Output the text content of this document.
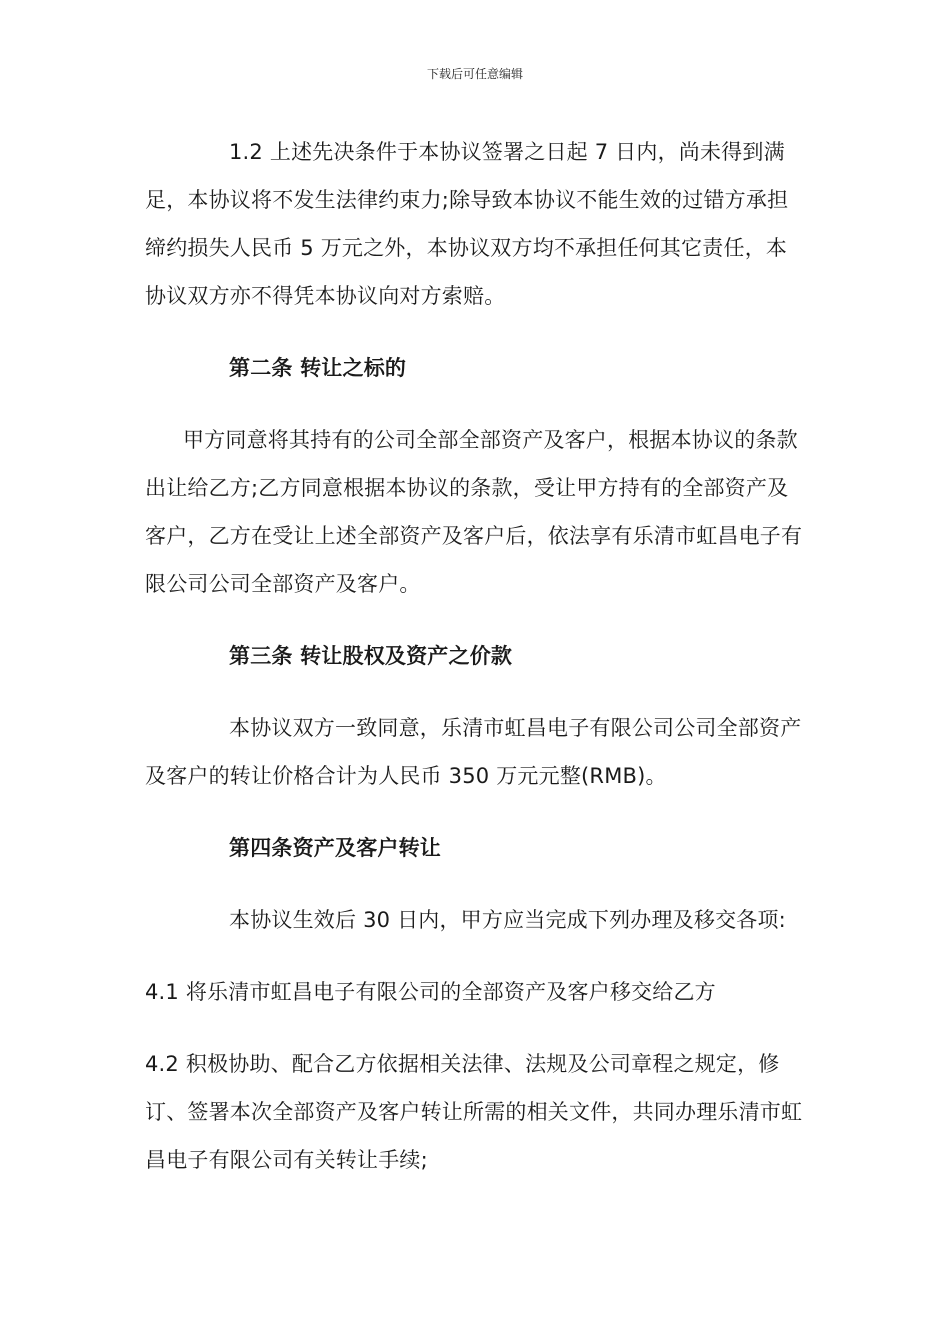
下载后可任意编辑

1.2 上述先决条件于本协议签署之日起 7 日内，尚未得到满足，本协议将不发生法律约束力;除导致本协议不能生效的过错方承担缔约损失人民币 5 万元之外，本协议双方均不承担任何其它责任，本协议双方亦不得凭本协议向对方索赔。

第二条 转让之标的

甲方同意将其持有的公司全部全部资产及客户，根据本协议的条款出让给乙方;乙方同意根据本协议的条款，受让甲方持有的全部资产及客户，乙方在受让上述全部资产及客户后，依法享有乐清市虹昌电子有限公司公司全部资产及客户。

第三条 转让股权及资产之价款

本协议双方一致同意，乐清市虹昌电子有限公司公司全部资产及客户的转让价格合计为人民币 350 万元元整(RMB)。

第四条资产及客户转让

本协议生效后 30 日内，甲方应当完成下列办理及移交各项:

4.1 将乐清市虹昌电子有限公司的全部资产及客户移交给乙方

4.2 积极协助、配合乙方依据相关法律、法规及公司章程之规定，修订、签署本次全部资产及客户转让所需的相关文件，共同办理乐清市虹昌电子有限公司有关转让手续;
